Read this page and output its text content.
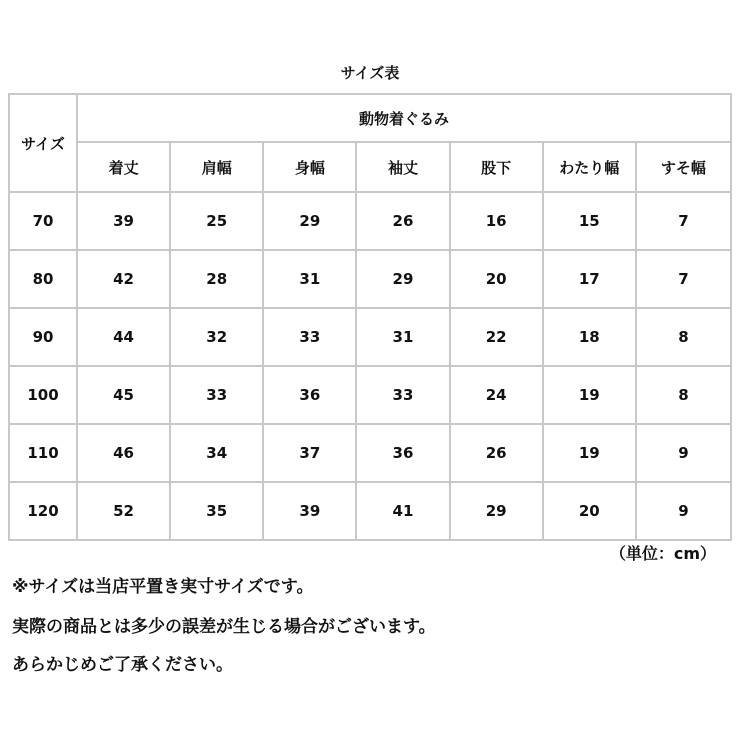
サイズ表
サイズ	動物着ぐるみ						
	着丈	肩幅	身幅	袖丈	股下	わたり幅	すそ幅
70	39	25	29	26	16	15	7
80	42	28	31	29	20	17	7
90	44	32	33	31	22	18	8
100	45	33	36	33	24	19	8
110	46	34	37	36	26	19	9
120	52	35	39	41	29	20	9
（単位：cm）
※サイズは当店平置き実寸サイズです。
実際の商品とは多少の誤差が生じる場合がございます。
あらかじめご了承ください。
